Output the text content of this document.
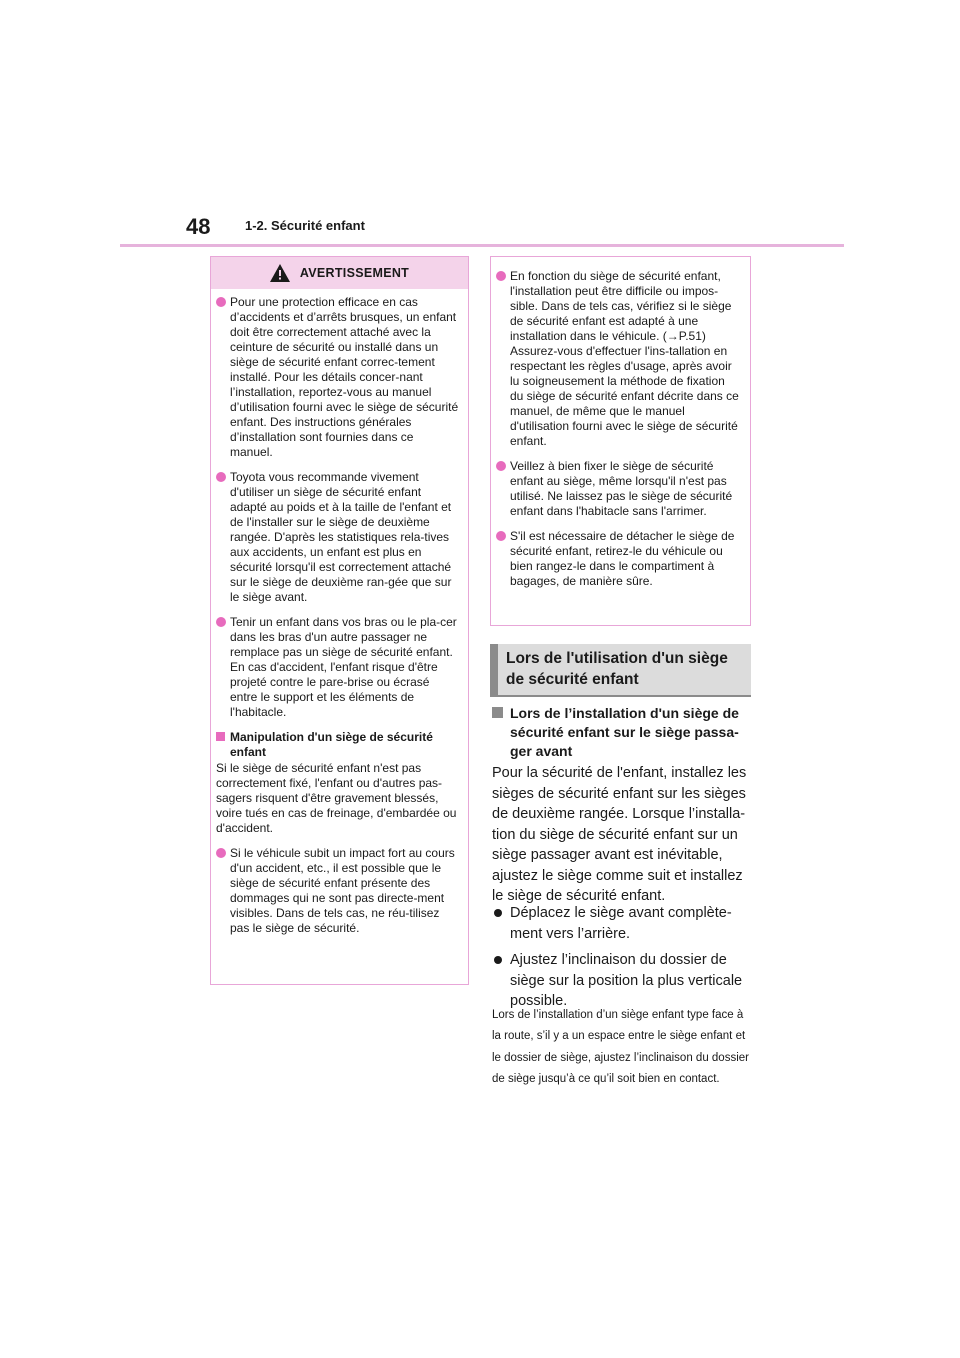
48	1-2. Sécurité enfant
AVERTISSEMENT
Pour une protection efficace en cas d’accidents et d’arrêts brusques, un enfant doit être correctement attaché avec la ceinture de sécurité ou installé dans un siège de sécurité enfant correc-tement installé. Pour les détails concer-nant l’installation, reportez-vous au manuel d’utilisation fourni avec le siège de sécurité enfant. Des instructions générales d’installation sont fournies dans ce manuel.
Toyota vous recommande vivement d'utiliser un siège de sécurité enfant adapté au poids et à la taille de l'enfant et de l'installer sur le siège de deuxième rangée. D'après les statistiques rela-tives aux accidents, un enfant est plus en sécurité lorsqu'il est correctement attaché sur le siège de deuxième ran-gée que sur le siège avant.
Tenir un enfant dans vos bras ou le pla-cer dans les bras d'un autre passager ne remplace pas un siège de sécurité enfant. En cas d'accident, l'enfant risque d'être projeté contre le pare-brise ou écrasé entre le support et les éléments de l'habitacle.
Manipulation d'un siège de sécurité enfant
Si le siège de sécurité enfant n'est pas correctement fixé, l'enfant ou d'autres pas-sagers risquent d'être gravement blessés, voire tués en cas de freinage, d'embardée ou d'accident.
Si le véhicule subit un impact fort au cours d'un accident, etc., il est possible que le siège de sécurité enfant présente des dommages qui ne sont pas directe-ment visibles. Dans de tels cas, ne réu-tilisez pas le siège de sécurité.
En fonction du siège de sécurité enfant, l'installation peut être difficile ou impos-sible. Dans de tels cas, vérifiez si le siège de sécurité enfant est adapté à une installation dans le véhicule. (→P.51) Assurez-vous d'effectuer l'ins-tallation en respectant les règles d'usage, après avoir lu soigneusement la méthode de fixation du siège de sécurité enfant décrite dans ce manuel, de même que le manuel d'utilisation fourni avec le siège de sécurité enfant.
Veillez à bien fixer le siège de sécurité enfant au siège, même lorsqu'il n'est pas utilisé. Ne laissez pas le siège de sécurité enfant dans l'habitacle sans l'arrimer.
S'il est nécessaire de détacher le siège de sécurité enfant, retirez-le du véhicule ou bien rangez-le dans le compartiment à bagages, de manière sûre.
Lors de l'utilisation d'un siège de sécurité enfant
Lors de l’installation d'un siège de sécurité enfant sur le siège passa-ger avant
Pour la sécurité de l'enfant, installez les sièges de sécurité enfant sur les sièges de deuxième rangée. Lorsque l’installa-tion du siège de sécurité enfant sur un siège passager avant est inévitable, ajustez le siège comme suit et installez le siège de sécurité enfant.
Déplacez le siège avant complète-ment vers l’arrière.
Ajustez l’inclinaison du dossier de siège sur la position la plus verticale possible.
Lors de l’installation d’un siège enfant type face à la route, s’il y a un espace entre le siège enfant et le dossier de siège, ajustez l’inclinaison du dossier de siège jusqu’à ce qu’il soit bien en contact.
